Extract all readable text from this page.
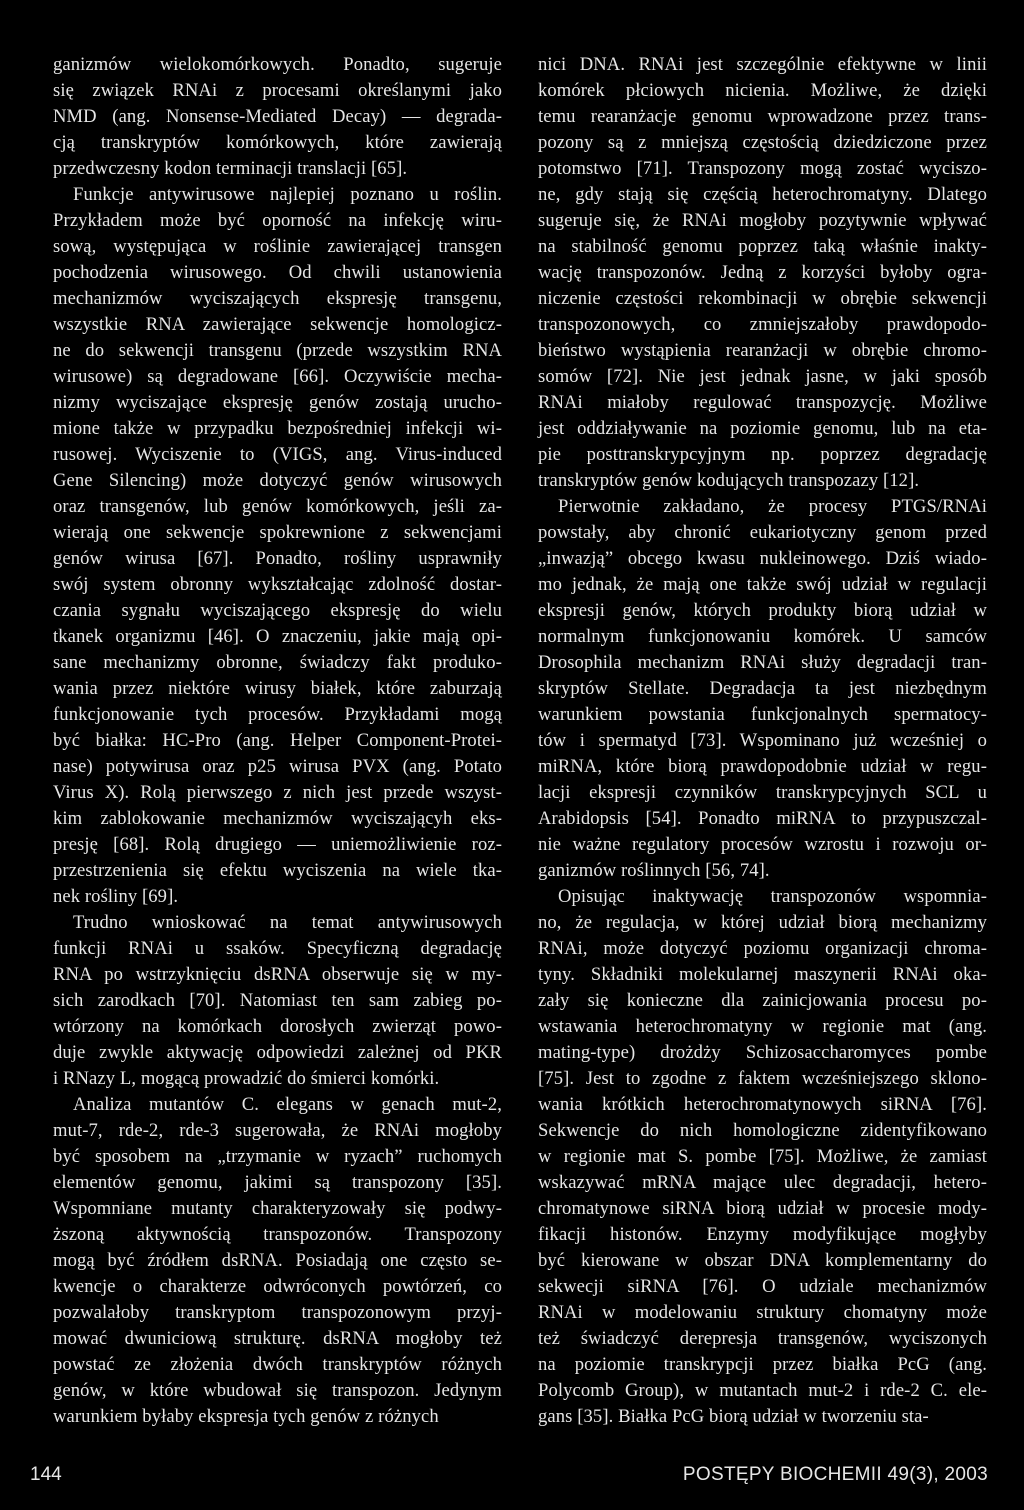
ganizmów wielokomórkowych. Ponadto, sugeruje
się związek RNAi z procesami określanymi jako
NMD (ang. Nonsense-Mediated Decay) — degrada-
cją transkryptów komórkowych, które zawierają
przedwczesny kodon terminacji translacji [65].
Funkcje antywirusowe najlepiej poznano u roślin.
Przykładem może być oporność na infekcję wiru-
sową, występująca w roślinie zawierającej transgen
pochodzenia wirusowego. Od chwili ustanowienia
mechanizmów wyciszających ekspresję transgenu,
wszystkie RNA zawierające sekwencje homologicz-
ne do sekwencji transgenu (przede wszystkim RNA
wirusowe) są degradowane [66]. Oczywiście mecha-
nizmy wyciszające ekspresję genów zostają urucho-
mione także w przypadku bezpośredniej infekcji wi-
rusowej. Wyciszenie to (VIGS, ang. Virus-induced
Gene Silencing) może dotyczyć genów wirusowych
oraz transgenów, lub genów komórkowych, jeśli za-
wierają one sekwencje spokrewnione z sekwencjami
genów wirusa [67]. Ponadto, rośliny usprawniły
swój system obronny wykształcając zdolność dostar-
czania sygnału wyciszającego ekspresję do wielu
tkanek organizmu [46]. O znaczeniu, jakie mają opi-
sane mechanizmy obronne, świadczy fakt produko-
wania przez niektóre wirusy białek, które zaburzają
funkcjonowanie tych procesów. Przykładami mogą
być białka: HC-Pro (ang. Helper Component-Protei-
nase) potywirusa oraz p25 wirusa PVX (ang. Potato
Virus X). Rolą pierwszego z nich jest przede wszyst-
kim zablokowanie mechanizmów wyciszającyh eks-
presję [68]. Rolą drugiego — uniemożliwienie roz-
przestrzenienia się efektu wyciszenia na wiele tka-
nek rośliny [69].
Trudno wnioskować na temat antywirusowych
funkcji RNAi u ssaków. Specyficzną degradację
RNA po wstrzyknięciu dsRNA obserwuje się w my-
sich zarodkach [70]. Natomiast ten sam zabieg po-
wtórzony na komórkach dorosłych zwierząt powo-
duje zwykle aktywację odpowiedzi zależnej od PKR
i RNazy L, mogącą prowadzić do śmierci komórki.
Analiza mutantów C. elegans w genach mut-2,
mut-7, rde-2, rde-3 sugerowała, że RNAi mogłoby
być sposobem na „trzymanie w ryzach” ruchomych
elementów genomu, jakimi są transpozony [35].
Wspomniane mutanty charakteryzowały się podwy-
ższoną aktywnością transpozonów. Transpozony
mogą być źródłem dsRNA. Posiadają one często se-
kwencje o charakterze odwróconych powtórzeń, co
pozwalałoby transkryptom transpozonowym przyj-
mować dwuniciową strukturę. dsRNA mogłoby też
powstać ze złożenia dwóch transkryptów różnych
genów, w które wbudował się transpozon. Jedynym
warunkiem byłaby ekspresja tych genów z różnych
nici DNA. RNAi jest szczególnie efektywne w linii
komórek płciowych nicienia. Możliwe, że dzięki
temu rearanżacje genomu wprowadzone przez trans-
pozony są z mniejszą częstością dziedziczone przez
potomstwo [71]. Transpozony mogą zostać wyciszo-
ne, gdy stają się częścią heterochromatyny. Dlatego
sugeruje się, że RNAi mogłoby pozytywnie wpływać
na stabilność genomu poprzez taką właśnie inakty-
wację transpozonów. Jedną z korzyści byłoby ogra-
niczenie częstości rekombinacji w obrębie sekwencji
transpozonowych, co zmniejszałoby prawdopodo-
bieństwo wystąpienia rearanżacji w obrębie chromo-
somów [72]. Nie jest jednak jasne, w jaki sposób
RNAi miałoby regulować transpozycję. Możliwe
jest oddziaływanie na poziomie genomu, lub na eta-
pie posttranskrypcyjnym np. poprzez degradację
transkryptów genów kodujących transpozazy [12].
Pierwotnie zakładano, że procesy PTGS/RNAi
powstały, aby chronić eukariotyczny genom przed
„inwazją” obcego kwasu nukleinowego. Dziś wiado-
mo jednak, że mają one także swój udział w regulacji
ekspresji genów, których produkty biorą udział w
normalnym funkcjonowaniu komórek. U samców
Drosophila mechanizm RNAi służy degradacji tran-
skryptów Stellate. Degradacja ta jest niezbędnym
warunkiem powstania funkcjonalnych spermatocy-
tów i spermatyd [73]. Wspominano już wcześniej o
miRNA, które biorą prawdopodobnie udział w regu-
lacji ekspresji czynników transkrypcyjnych SCL u
Arabidopsis [54]. Ponadto miRNA to przypuszczal-
nie ważne regulatory procesów wzrostu i rozwoju or-
ganizmów roślinnych [56, 74].
Opisując inaktywację transpozonów wspomnia-
no, że regulacja, w której udział biorą mechanizmy
RNAi, może dotyczyć poziomu organizacji chroma-
tyny. Składniki molekularnej maszynerii RNAi oka-
zały się konieczne dla zainicjowania procesu po-
wstawania heterochromatyny w regionie mat (ang.
mating-type) drożdży Schizosaccharomyces pombe
[75]. Jest to zgodne z faktem wcześniejszego sklono-
wania krótkich heterochromatynowych siRNA [76].
Sekwencje do nich homologiczne zidentyfikowano
w regionie mat S. pombe [75]. Możliwe, że zamiast
wskazywać mRNA mające ulec degradacji, hetero-
chromatynowe siRNA biorą udział w procesie mody-
fikacji histonów. Enzymy modyfikujące mogłyby
być kierowane w obszar DNA komplementarny do
sekwecji siRNA [76]. O udziale mechanizmów
RNAi w modelowaniu struktury chomatyny może
też świadczyć derepresja transgenów, wyciszonych
na poziomie transkrypcji przez białka PcG (ang.
Polycomb Group), w mutantach mut-2 i rde-2 C. ele-
gans [35]. Białka PcG biorą udział w tworzeniu sta-
144	POSTĘPY BIOCHEMII 49(3), 2003
